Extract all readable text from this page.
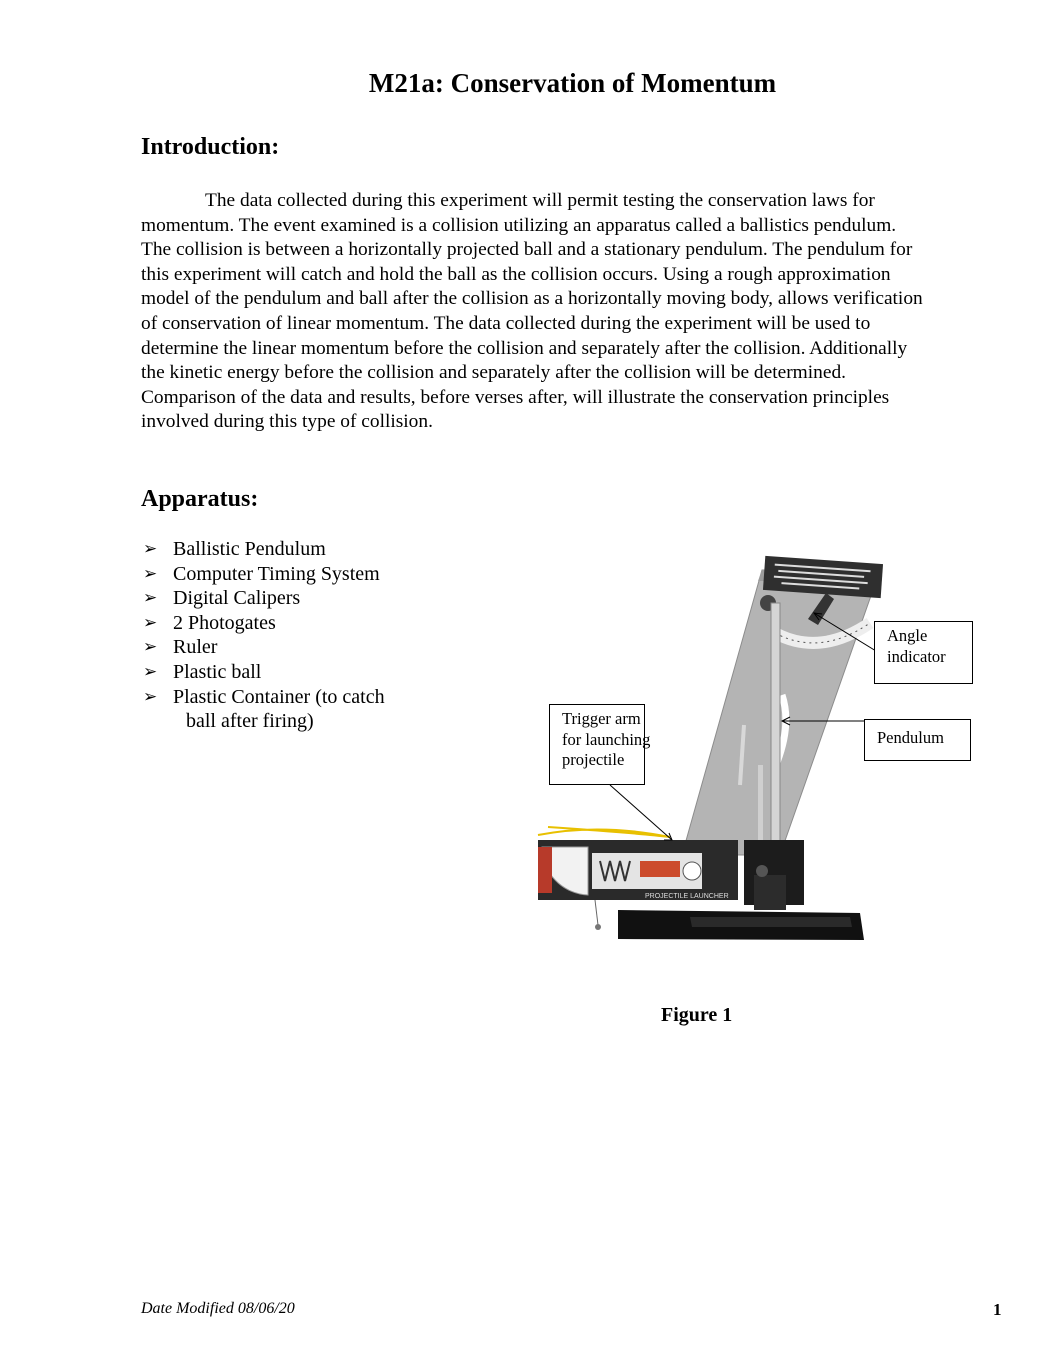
M21a: Conservation of Momentum
Introduction:

The data collected during this experiment will permit testing the conservation laws for
momentum. The event examined is a collision utilizing an apparatus called a ballistics pendulum.
The collision is between a horizontally projected ball and a stationary pendulum. The pendulum for
this experiment will catch and hold the ball as the collision occurs. Using a rough approximation
model of the pendulum and ball after the collision as a horizontally moving body, allows verification
of conservation of linear momentum. The data collected during the experiment will be used to
determine the linear momentum before the collision and separately after the collision. Additionally
the kinetic energy before the collision and separately after the collision will be determined.
Comparison of the data and results, before verses after, will illustrate the conservation principles
involved during this type of collision.

Apparatus:
➢ Ballistic Pendulum
➢ Computer Timing System
➢ Digital Calipers
➢ 2 Photogates
➢ Ruler
➢ Plastic ball
➢ Plastic Container (to catch
ball after firing)
PROJECTILE LAUNCHER
Angle
indicator
Pendulum
Trigger arm
for launching
projectile

Figure 1

Date Modified 08/06/20	1
